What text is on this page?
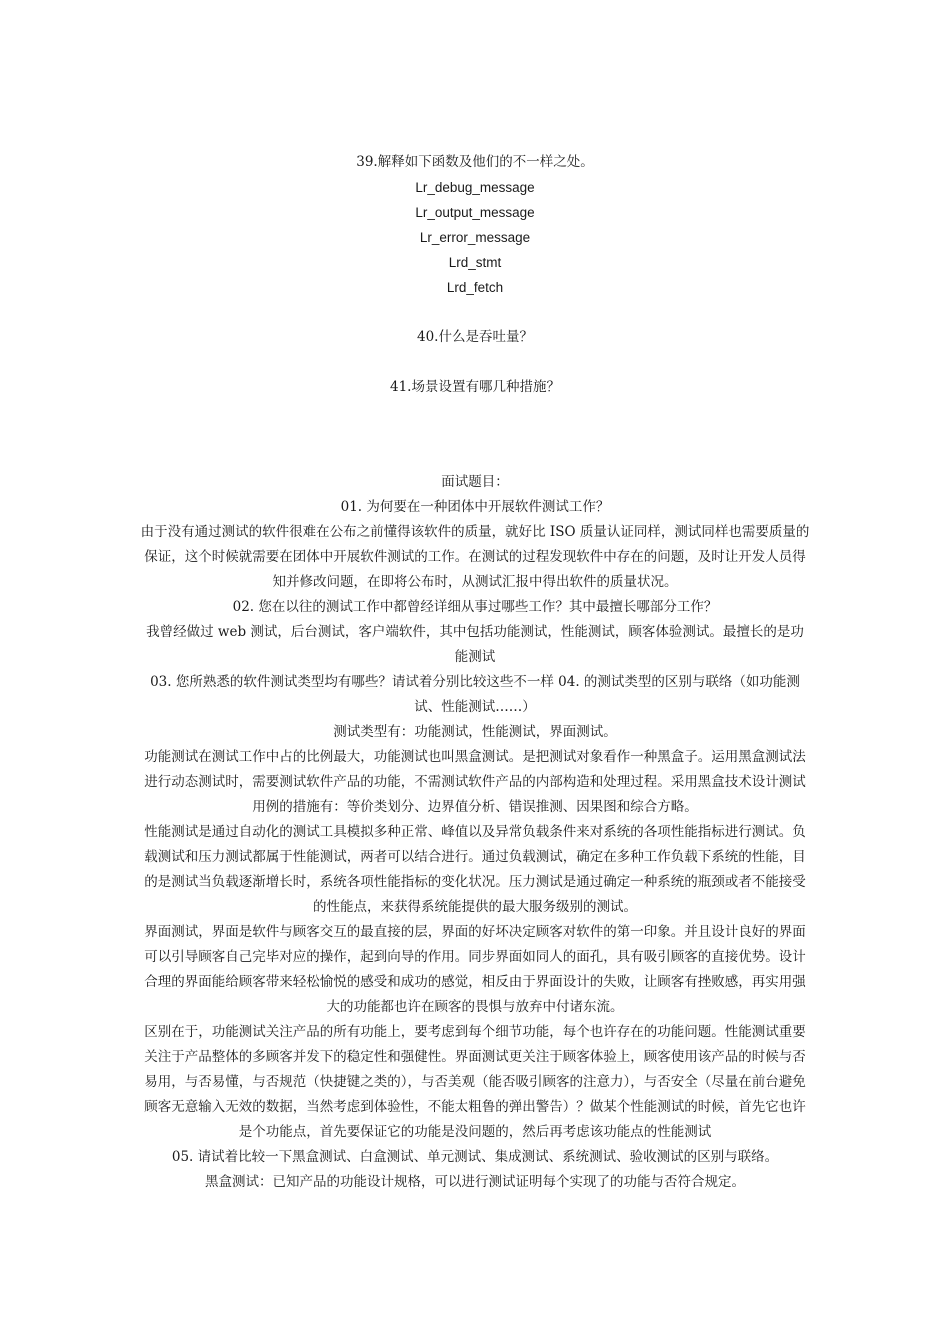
39.解释如下函数及他们的不一样之处。
Lr_debug_message
Lr_output_message
Lr_error_message
Lrd_stmt
Lrd_fetch
40.什么是吞吐量？
41.场景设置有哪几种措施？
面试题目：
01. 为何要在一种团体中开展软件测试工作？

由于没有通过测试的软件很难在公布之前懂得该软件的质量，就好比 ISO 质量认证同样，测试同样也需要质量的保证，这个时候就需要在团体中开展软件测试的工作。在测试的过程发现软件中存在的问题，及时让开发人员得知并修改问题，在即将公布时，从测试汇报中得出软件的质量状况。

02. 您在以往的测试工作中都曾经详细从事过哪些工作？其中最擅长哪部分工作？

我曾经做过 web 测试，后台测试，客户端软件，其中包括功能测试，性能测试，顾客体验测试。最擅长的是功能测试

03. 您所熟悉的软件测试类型均有哪些？请试着分别比较这些不一样 04. 的测试类型的区别与联络（如功能测试、性能测试……）

测试类型有：功能测试，性能测试，界面测试。

功能测试在测试工作中占的比例最大，功能测试也叫黑盒测试。是把测试对象看作一种黑盒子。运用黑盒测试法进行动态测试时，需要测试软件产品的功能，不需测试软件产品的内部构造和处理过程。采用黑盒技术设计测试用例的措施有：等价类划分、边界值分析、错误推测、因果图和综合方略。

性能测试是通过自动化的测试工具模拟多种正常、峰值以及异常负载条件来对系统的各项性能指标进行测试。负载测试和压力测试都属于性能测试，两者可以结合进行。通过负载测试，确定在多种工作负载下系统的性能，目的是测试当负载逐渐增长时，系统各项性能指标的变化状况。压力测试是通过确定一种系统的瓶颈或者不能接受的性能点，来获得系统能提供的最大服务级别的测试。

界面测试，界面是软件与顾客交互的最直接的层，界面的好坏决定顾客对软件的第一印象。并且设计良好的界面可以引导顾客自己完毕对应的操作，起到向导的作用。同步界面如同人的面孔，具有吸引顾客的直接优势。设计合理的界面能给顾客带来轻松愉悦的感受和成功的感觉，相反由于界面设计的失败，让顾客有挫败感，再实用强大的功能都也许在顾客的畏惧与放弃中付诸东流。

区别在于，功能测试关注产品的所有功能上，要考虑到每个细节功能，每个也许存在的功能问题。性能测试重要关注于产品整体的多顾客并发下的稳定性和强健性。界面测试更关注于顾客体验上，顾客使用该产品的时候与否易用，与否易懂，与否规范（快捷键之类的），与否美观（能否吸引顾客的注意力），与否安全（尽量在前台避免顾客无意输入无效的数据，当然考虑到体验性，不能太粗鲁的弹出警告）？做某个性能测试的时候，首先它也许是个功能点，首先要保证它的功能是没问题的，然后再考虑该功能点的性能测试

05. 请试着比较一下黑盒测试、白盒测试、单元测试、集成测试、系统测试、验收测试的区别与联络。
黑盒测试：已知产品的功能设计规格，可以进行测试证明每个实现了的功能与否符合规定。
